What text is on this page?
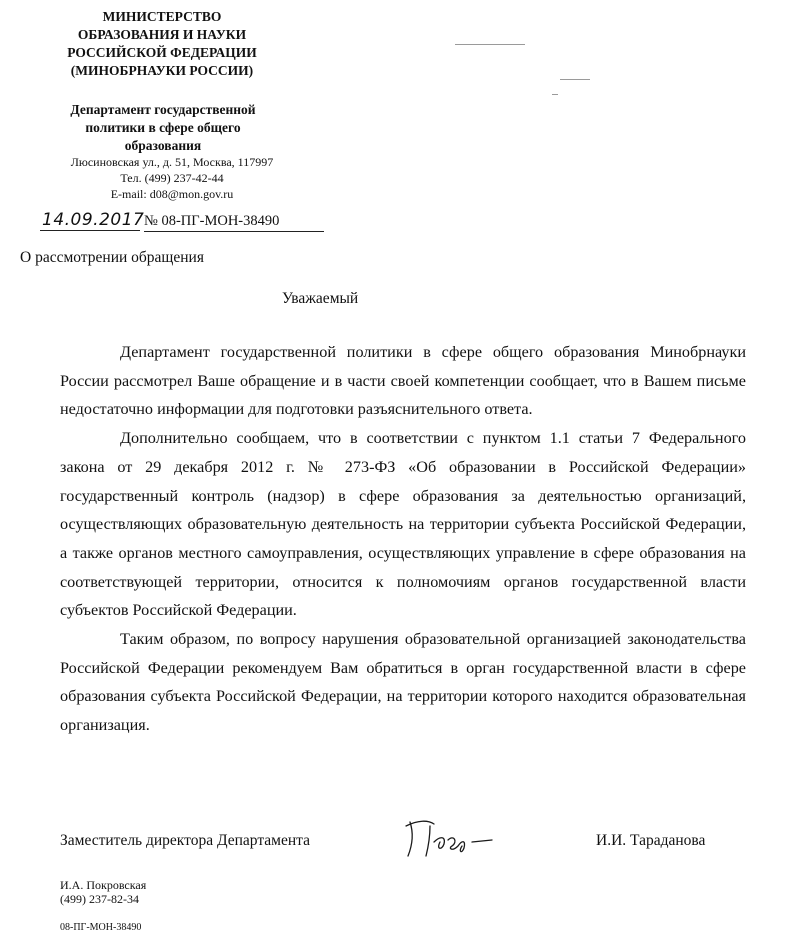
МИНИСТЕРСТВО
ОБРАЗОВАНИЯ И НАУКИ
РОССИЙСКОЙ ФЕДЕРАЦИИ
(МИНОБРНАУКИ РОССИИ)
Департамент государственной
политики в сфере общего
образования
Люсиновская ул., д. 51, Москва, 117997
Тел. (499) 237-42-44
E-mail: d08@mon.gov.ru
14.09.2017 № 08-ПГ-МОН-38490
О рассмотрении обращения
Уважаемый

Департамент государственной политики в сфере общего образования Минобрнауки России рассмотрел Ваше обращение и в части своей компетенции сообщает, что в Вашем письме недостаточно информации для подготовки разъяснительного ответа.

Дополнительно сообщаем, что в соответствии с пунктом 1.1 статьи 7 Федерального закона от 29 декабря 2012 г. № 273-ФЗ «Об образовании в Российской Федерации» государственный контроль (надзор) в сфере образования за деятельностью организаций, осуществляющих образовательную деятельность на территории субъекта Российской Федерации, а также органов местного самоуправления, осуществляющих управление в сфере образования на соответствующей территории, относится к полномочиям органов государственной власти субъектов Российской Федерации.

Таким образом, по вопросу нарушения образовательной организацией законодательства Российской Федерации рекомендуем Вам обратиться в орган государственной власти в сфере образования субъекта Российской Федерации, на территории которого находится образовательная организация.

Заместитель директора Департамента	И.И. Тараданова
И.А. Покровская
(499) 237-82-34
08-ПГ-МОН-38490
